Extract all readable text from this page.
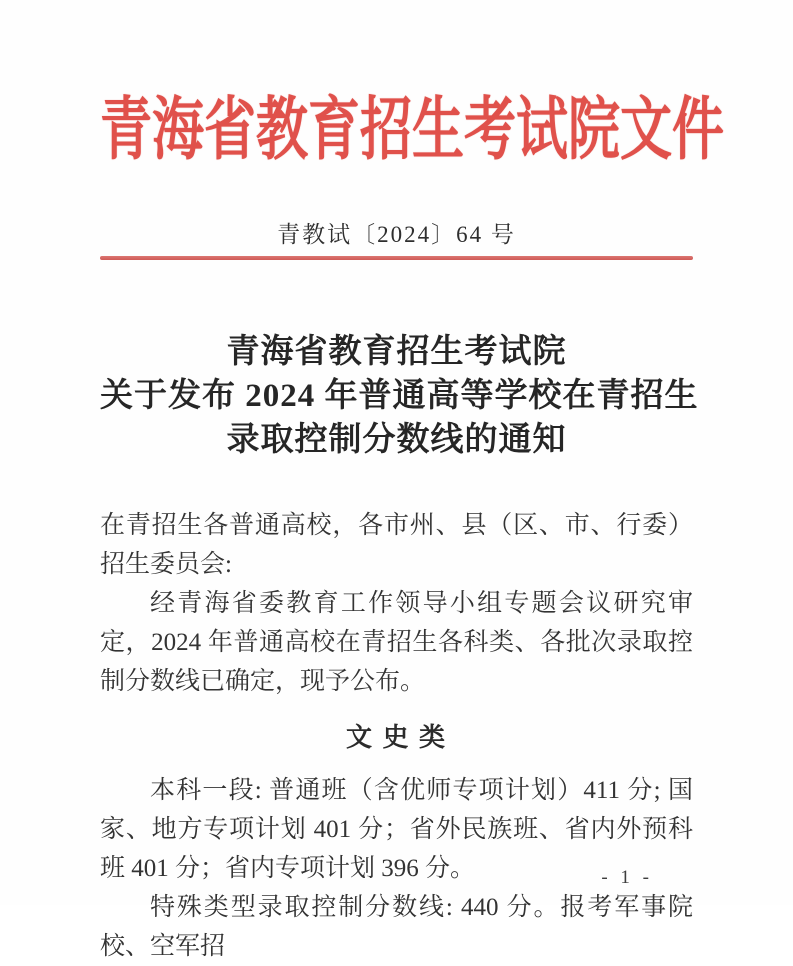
青海省教育招生考试院文件
青教试〔2024〕64 号
青海省教育招生考试院
关于发布 2024 年普通高等学校在青招生
录取控制分数线的通知

在青招生各普通高校，各市州、县（区、市、行委）招生委员会:

经青海省委教育工作领导小组专题会议研究审定，2024 年普通高校在青招生各科类、各批次录取控制分数线已确定，现予公布。

文 史 类

本科一段: 普通班（含优师专项计划）411 分; 国家、地方专项计划 401 分；省外民族班、省内外预科班 401 分；省内专项计划 396 分。

特殊类型录取控制分数线: 440 分。报考军事院校、空军招

- 1 -
